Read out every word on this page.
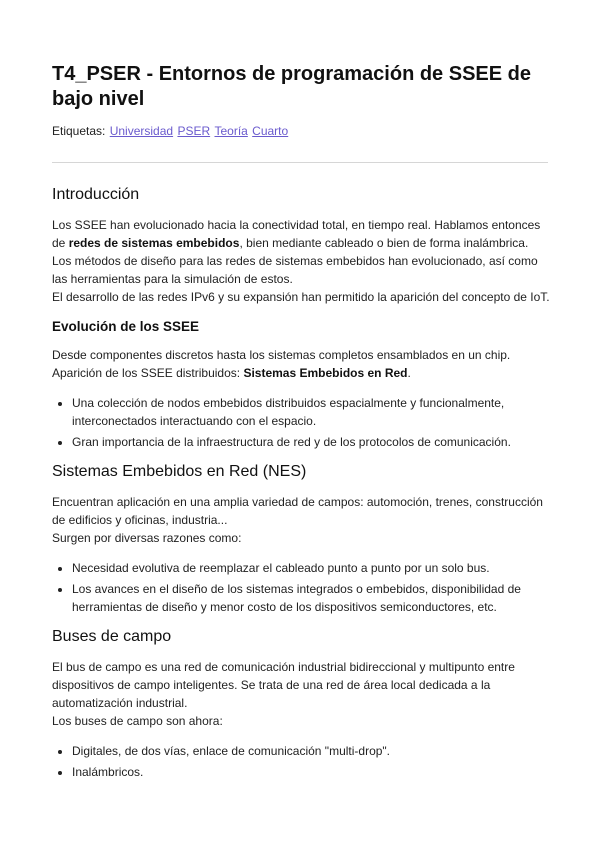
T4_PSER - Entornos de programación de SSEE de bajo nivel
Etiquetas: Universidad PSER Teoría Cuarto
Introducción

Los SSEE han evolucionado hacia la conectividad total, en tiempo real. Hablamos entonces de redes de sistemas embebidos, bien mediante cableado o bien de forma inalámbrica.
Los métodos de diseño para las redes de sistemas embebidos han evolucionado, así como las herramientas para la simulación de estos.
El desarrollo de las redes IPv6 y su expansión han permitido la aparición del concepto de IoT.

Evolución de los SSEE

Desde componentes discretos hasta los sistemas completos ensamblados en un chip.
Aparición de los SSEE distribuidos: Sistemas Embebidos en Red.

• Una colección de nodos embebidos distribuidos espacialmente y funcionalmente, interconectados interactuando con el espacio.
• Gran importancia de la infraestructura de red y de los protocolos de comunicación.
Sistemas Embebidos en Red (NES)

Encuentran aplicación en una amplia variedad de campos: automoción, trenes, construcción de edificios y oficinas, industria...
Surgen por diversas razones como:

• Necesidad evolutiva de reemplazar el cableado punto a punto por un solo bus.
• Los avances en el diseño de los sistemas integrados o embebidos, disponibilidad de herramientas de diseño y menor costo de los dispositivos semiconductores, etc.
Buses de campo

El bus de campo es una red de comunicación industrial bidireccional y multipunto entre dispositivos de campo inteligentes. Se trata de una red de área local dedicada a la automatización industrial.
Los buses de campo son ahora:

• Digitales, de dos vías, enlace de comunicación "multi-drop".
• Inalámbricos.
